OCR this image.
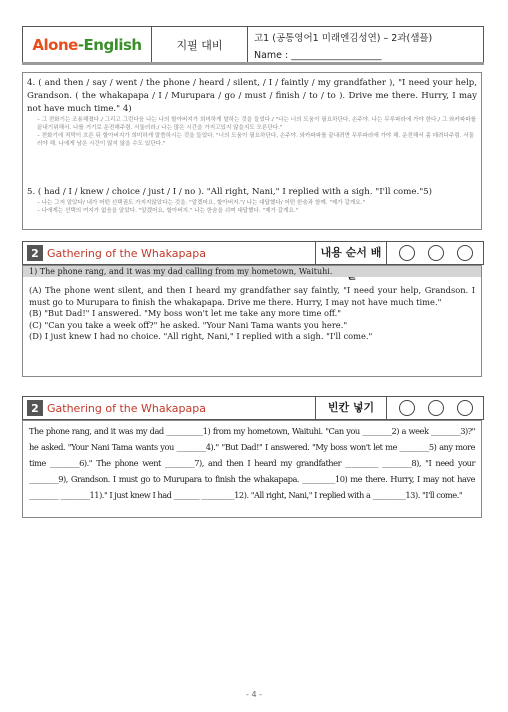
Alone - English	지필 대비
고1 (공통영어1 미래엔김성연) – 2과(샘플)
Name : ___________________
4. ( and then / say / went / the phone / heard / silent, / I / faintly / my grandfather ), "I need your help, Grandson. ( the whakapapa / I / Murupara / go / must / finish / to / to ). Drive me there. Hurry, I may not have much time." 4)
– 그 전화기는 조용해졌다./ 그리고 그런다음 나는 나의 할아버지가 희미하게 말하는 것을 들었다./ "나는 너의 도움이 필요하단다, 손주야. 나는 무루파라에 가야 한다./ 그 와카파파를 끝내기위해서. 나를 거기로 운전해주렴. 서둘러라./ 나는 많은 시간을 가지고있지 않을지도 모른단다."
– 전화기에 적막이 흐른 뒤 할아버지가 희미하게 말씀하시는 것을 들었다. "너의 도움이 필요하단다, 손주야. 와카파파를 끝내려면 무루파라에 가야 해. 운전해서 좀 데려다주렴. 서둘러야 해. 나에게 남은 시간이 많지 않을 수도 있단다."
5. ( had / I / knew / choice / just / I / no ). "All right, Nani," I replied with a sigh. "I'll come."5)
– 나는 그저 알았다/ 내가 어떤 선택권도 가지지않았다는 것을. "알겠어요, 할아버지."/ 나는 대답했다/ 어떤 한숨과 함께. "제가 갈게요."
– 나에게는 선택의 여지가 없음을 알았다. "알겠어요, 할아버지." 나는 한숨을 쉬며 대답했다. "제가 갈게요."
2 Gathering of the Whakapapa	내용 순서 배
1) The phone rang, and it was my dad calling from my hometown, Waituhi.
(A) The phone went silent, and then I heard my grandfather say faintly, "I need your help, Grandson. I must go to Murupara to finish the whakapapa. Drive me there. Hurry, I may not have much time."
(B) "But Dad!" I answered. "My boss won't let me take any more time off."
(C) "Can you take a week off?" he asked. "Your Nani Tama wants you here."
(D) I just knew I had no choice. "All right, Nani," I replied with a sigh. "I'll come."
2 Gathering of the Whakapapa	빈칸 넣기
The phone rang, and it was my dad __________1) from my hometown, Waituhi. "Can you ________2) a week ________3)?" he asked. "Your Nani Tama wants you ________4)." "But Dad!" I answered. "My boss won't let me ________5) any more time ________6)." The phone went ________7), and then I heard my grandfather _________ ________8), "I need your ________9), Grandson. I must go to Murupara to finish the whakapapa. _________10) me there. Hurry, I may not have ________ ________11)." I just knew I had _______ _________12). "All right, Nani," I replied with a _________13). "I'll come."
- 4 -
